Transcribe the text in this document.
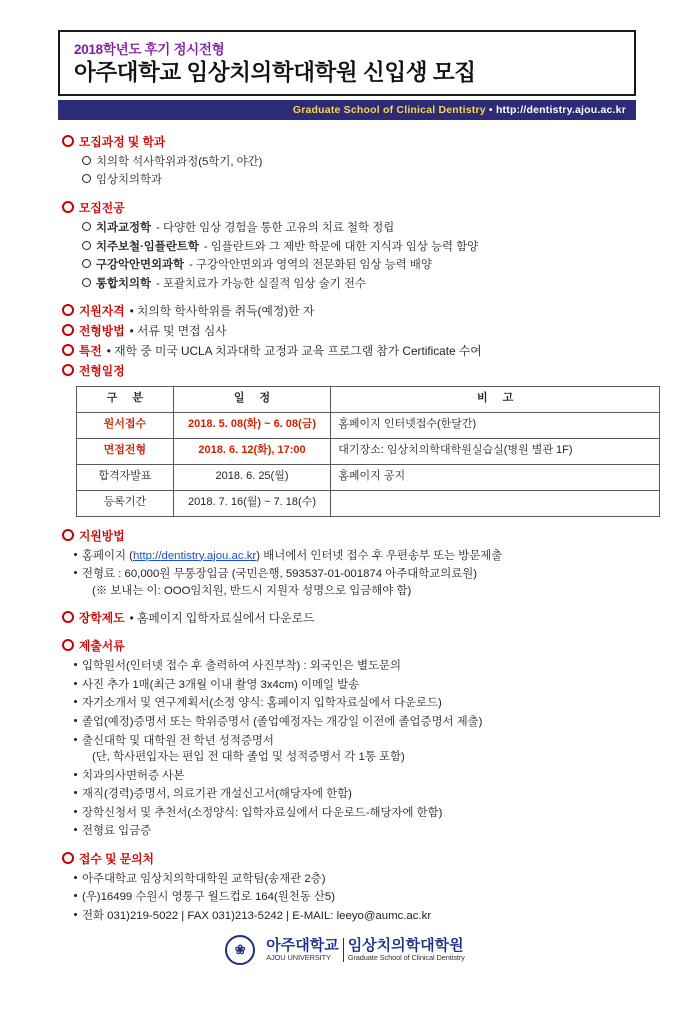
2018학년도 후기 정시전형
아주대학교 임상치의학대학원 신입생 모집
Graduate School of Clinical Dentistry • http://dentistry.ajou.ac.kr
모집과정 및 학과
치의학 석사학위과정(5학기, 야간)
임상치의학과
모집전공
치과교정학 - 다양한 임상 경험을 통한 고유의 치료 철학 정립
치주보철·임플란트학 - 임플란트와 그 제반 학문에 대한 지식과 임상 능력 함양
구강악안면외과학 - 구강악안면외과 영역의 전문화된 임상 능력 배양
통합치의학 - 포괄치료가 가능한 실질적 임상 술기 전수
지원자격 • 치의학 학사학위를 취득(예정)한 자
전형방법 • 서류 및 면접 심사
특전 • 재학 중 미국 UCLA 치과대학 교정과 교육 프로그램 참가 Certificate 수여
전형일정
구 분	일 정	비 고
원서접수	2018. 5. 08(화) ~ 6. 08(금)	홈페이지 인터넷접수(한달간)
면접전형	2018. 6. 12(화), 17:00	대기장소: 임상치의학대학원실습실(병원 별관 1F)
합격자발표	2018. 6. 25(월)	홈페이지 공지
등록기간	2018. 7. 16(월) ~ 7. 18(수)	
지원방법
홈페이지 (http://dentistry.ajou.ac.kr) 배너에서 인터넷 접수 후 우편송부 또는 방문제출
전형료 : 60,000원 무통장입금 (국민은행, 593537-01-001874 아주대학교의료원)
(※ 보내는 이: OOO임치원, 반드시 지원자 성명으로 입금해야 함)
장학제도 • 홈페이지 입학자료실에서 다운로드
제출서류
입학원서(인터넷 접수 후 출력하여 사진부착) : 외국인은 별도문의
사진 추가 1매(최근 3개월 이내 촬영 3x4cm) 이메일 발송
자기소개서 및 연구계획서(소정 양식: 홈페이지 입학자료실에서 다운로드)
졸업(예정)증명서 또는 학위증명서 (졸업예정자는 개강일 이전에 졸업증명서 제출)
출신대학 및 대학원 전 학년 성적증명서
(단, 학사편입자는 편입 전 대학 졸업 및 성적증명서 각 1통 포함)
치과의사면허증 사본
재직(경력)증명서, 의료기관 개설신고서(해당자에 한함)
장학신청서 및 추천서(소정양식: 입학자료실에서 다운로드-해당자에 한함)
전형료 입금증
접수 및 문의처
아주대학교 임상치의학대학원 교학팀(송재관 2층)
(우)16499 수원시 영통구 월드컵로 164(원천동 산5)
전화 031)219-5022 | FAX 031)213-5242 | E-MAIL: leeyo@aumc.ac.kr
❀ 아주대학교
AJOU UNIVERSITY
임상치의학대학원
Graduate School of Clinical Dentistry
